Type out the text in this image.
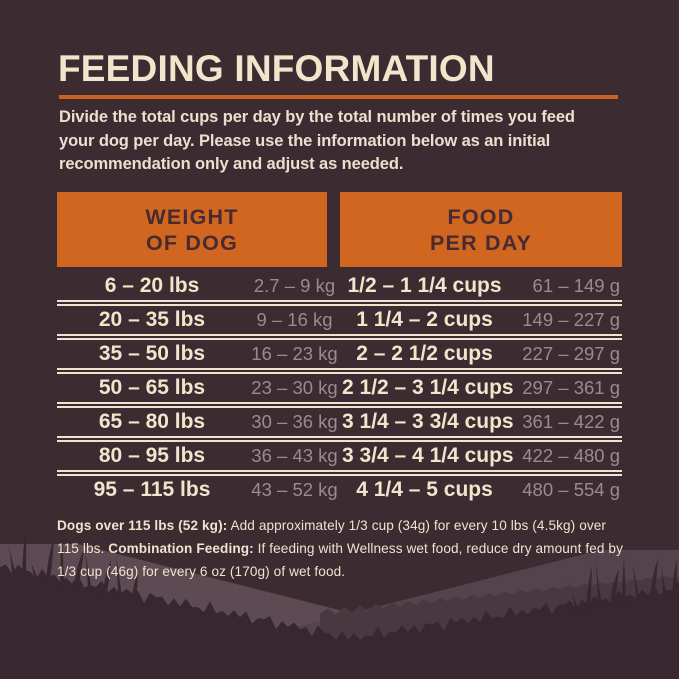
FEEDING INFORMATION
Divide the total cups per day by the total number of times you feed
your dog per day. Please use the information below as an initial
recommendation only and adjust as needed.
WEIGHT
OF DOG
FOOD
PER DAY
6 – 20 lbs	2.7 – 9 kg 1/2 – 1 1/4 cups	61 – 149 g
20 – 35 lbs	9 – 16 kg	1 1/4 – 2 cups	149 – 227 g
35 – 50 lbs	16 – 23 kg 2 – 2 1/2 cups	227 – 297 g
50 – 65 lbs	23 – 30 kg 2 1/2 – 3 1/4 cups 297 – 361 g
65 – 80 lbs	30 – 36 kg 3 1/4 – 3 3/4 cups 361 – 422 g
80 – 95 lbs	36 – 43 kg 3 3/4 – 4 1/4 cups 422 – 480 g
95 – 115 lbs	43 – 52 kg 4 1/4 – 5 cups	480 – 554 g
Dogs over 115 lbs (52 kg): Add approximately 1/3 cup (34g) for every 10 lbs (4.5kg) over
115 lbs. Combination Feeding: If feeding with Wellness wet food, reduce dry amount fed by
1/3 cup (46g) for every 6 oz (170g) of wet food.
